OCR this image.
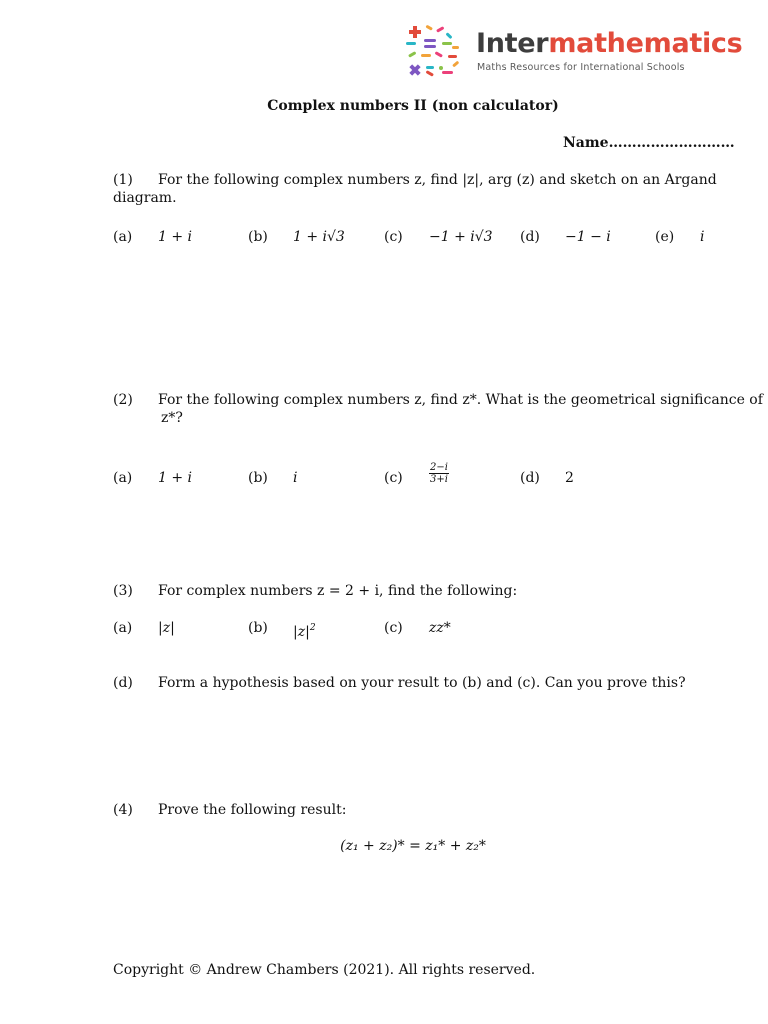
Intermathematics
Maths Resources for International Schools
Complex numbers II (non calculator)
Name………………………
(1) For the following complex numbers z, find |z|, arg (z) and sketch on an Argand
diagram.
(a) 1 + i	(b) 1 + i√3	(c) −1 + i√3 (d) −1 − i	(e) i
(2) For the following complex numbers z, find z*. What is the geometrical significance of
z*?
(a) 1 + i	(b) i	(c)	$\frac{2-i}{3+i}$	(d) 2
(3) For complex numbers z = 2 + i, find the following:
(a) |z|	(b) $|z|^2$	(c) zz*
(d) Form a hypothesis based on your result to (b) and (c). Can you prove this?
(4) Prove the following result:
(z₁ + z₂)* = z₁* + z₂*
Copyright © Andrew Chambers (2021). All rights reserved.
